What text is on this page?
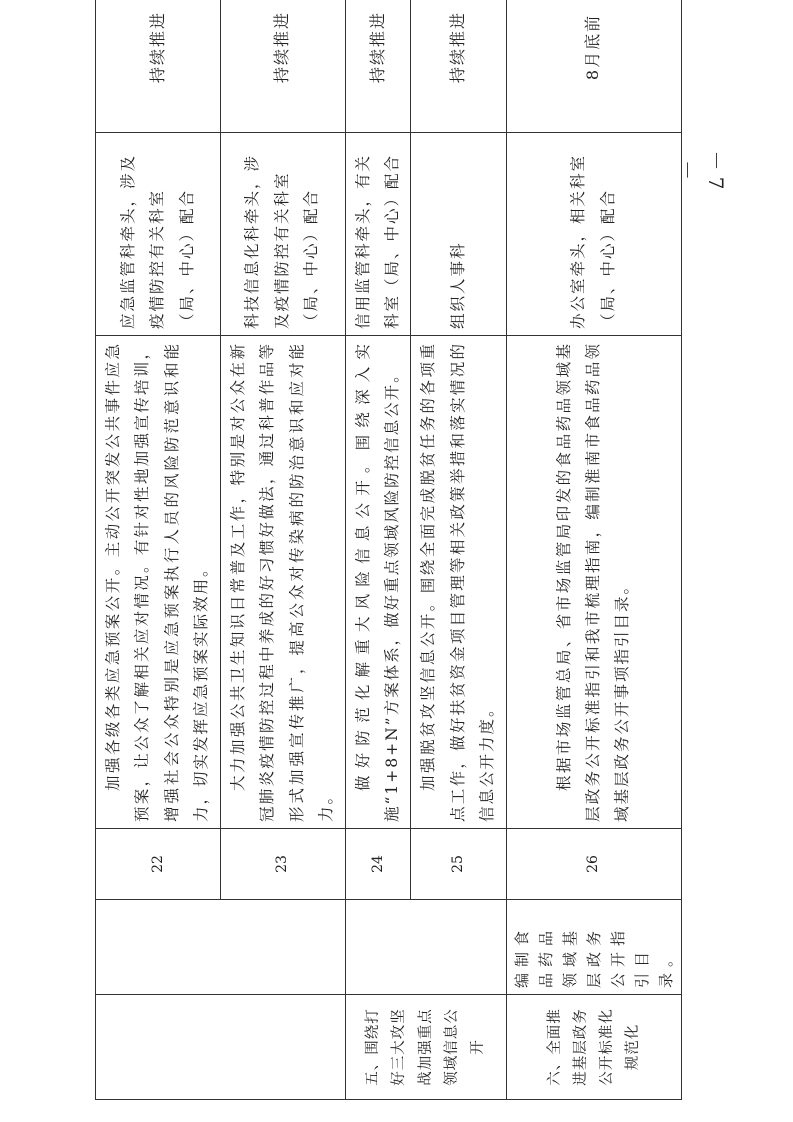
－ 7 －
		22	加强各级各类应急预案公开。主动公开突发公共事件应急预案，让公众了解相关应对情况。有针对性地加强宣传培训，增强社会公众特别是应急预案执行人员的风险防范意识和能力，切实发挥应急预案实际效用。	应急监管科牵头，涉及疫情防控有关科室（局、中心）配合	持续推进
		23	大力加强公共卫生知识日常普及工作，特别是对公众在新冠肺炎疫情防控过程中养成的好习惯好做法，通过科普作品等形式加强宣传推广，提高公众对传染病的防治意识和应对能力。	科技信息化科牵头，涉及疫情防控有关科室（局、中心）配合	持续推进
五、围绕打好三大攻坚战加强重点领域信息公开		24	做好防范化解重大风险信息公开。围绕深入实施“1+8+N”方案体系，做好重点领域风险防控信息公开。	信用监管科牵头，有关科室（局、中心）配合	持续推进
		25	加强脱贫攻坚信息公开。围绕全面完成脱贫任务的各项重点工作，做好扶贫资金项目管理等相关政策举措和落实情况的信息公开力度。	组织人事科	持续推进
六、全面推进基层政务公开标准化规范化	编制食品药品领域基层政务公开指引目录。	26	根据市场监管总局、省市场监管局印发的食品药品领域基层政务公开标准指引和我市梳理指南，编制淮南市食品药品领域基层政务公开事项指引目录。	办公室牵头，相关科室（局、中心）配合	8月底前
